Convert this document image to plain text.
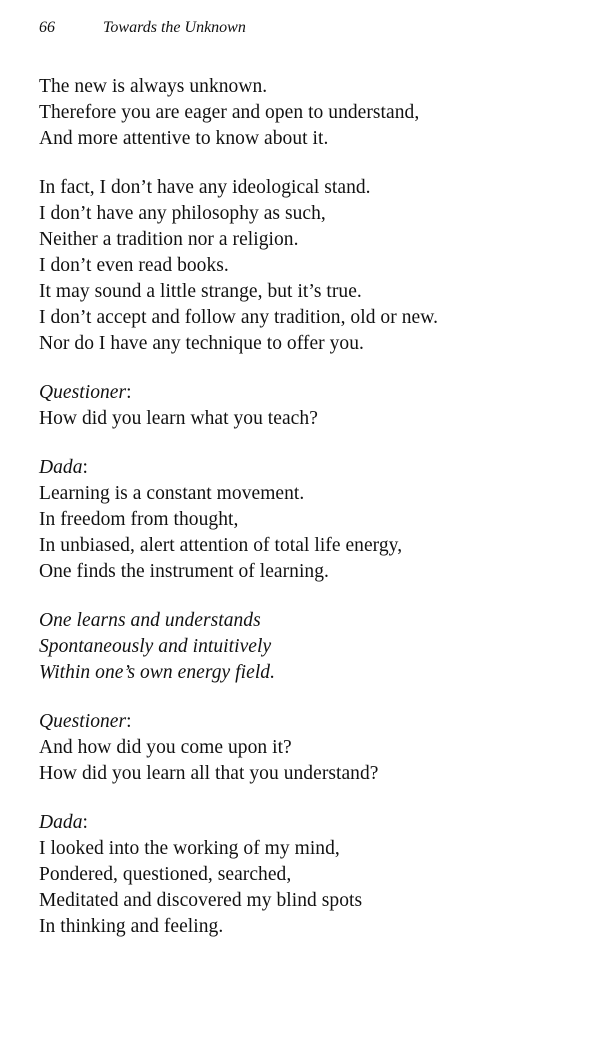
66	Towards the Unknown
The new is always unknown.
Therefore you are eager and open to understand,
And more attentive to know about it.
In fact, I don’t have any ideological stand.
I don’t have any philosophy as such,
Neither a tradition nor a religion.
I don’t even read books.
It may sound a little strange, but it’s true.
I don’t accept and follow any tradition, old or new.
Nor do I have any technique to offer you.
Questioner:
How did you learn what you teach?
Dada:
Learning is a constant movement.
In freedom from thought,
In unbiased, alert attention of total life energy,
One finds the instrument of learning.
One learns and understands
Spontaneously and intuitively
Within one’s own energy field.
Questioner:
And how did you come upon it?
How did you learn all that you understand?
Dada:
I looked into the working of my mind,
Pondered, questioned, searched,
Meditated and discovered my blind spots
In thinking and feeling.
